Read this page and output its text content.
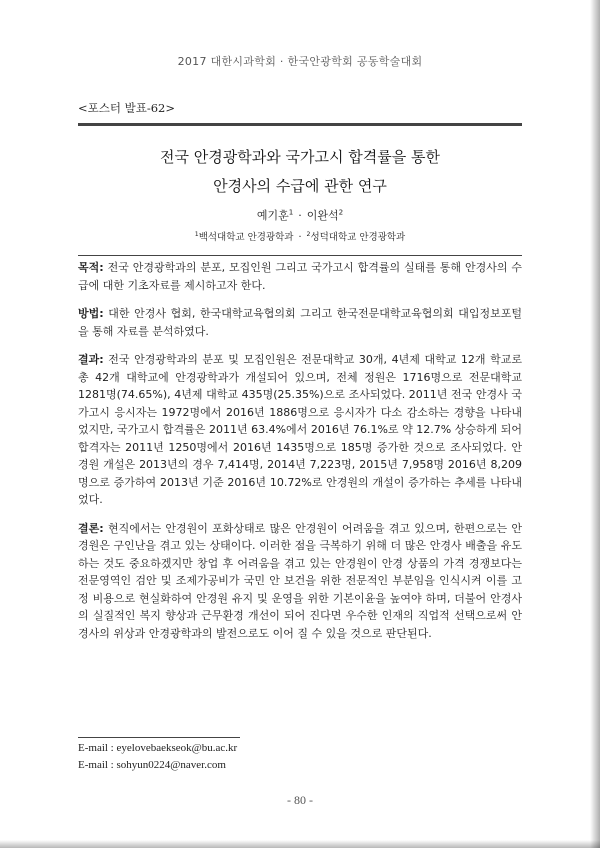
2017 대한시과학회 · 한국안광학회 공동학술대회
<포스터 발표-62>
전국 안경광학과와 국가고시 합격률을 통한
안경사의 수급에 관한 연구
예기훈$^1$ · 이완석$^2$
$^1$백석대학교 안경광학과 · $^2$성덕대학교 안경광학과

목적: 전국 안경광학과의 분포, 모집인원 그리고 국가고시 합격률의 실태를 통해 안경사의 수급에 대한 기초자료를 제시하고자 한다.

방법: 대한 안경사 협회, 한국대학교육협의회 그리고 한국전문대학교육협의회 대입정보포털을 통해 자료를 분석하였다.

결과: 전국 안경광학과의 분포 및 모집인원은 전문대학교 30개, 4년제 대학교 12개 학교로 총 42개 대학교에 안경광학과가 개설되어 있으며, 전체 정원은 1716명으로 전문대학교 1281명(74.65%), 4년제 대학교 435명(25.35%)으로 조사되었다. 2011년 전국 안경사 국가고시 응시자는 1972명에서 2016년 1886명으로 응시자가 다소 감소하는 경향을 나타내었지만, 국가고시 합격률은 2011년 63.4%에서 2016년 76.1%로 약 12.7% 상승하게 되어 합격자는 2011년 1250명에서 2016년 1435명으로 185명 증가한 것으로 조사되었다. 안경원 개설은 2013년의 경우 7,414명, 2014년 7,223명, 2015년 7,958명 2016년 8,209명으로 증가하여 2013년 기준 2016년 10.72%로 안경원의 개설이 증가하는 추세를 나타내었다.

결론: 현직에서는 안경원이 포화상태로 많은 안경원이 어려움을 겪고 있으며, 한편으로는 안경원은 구인난을 겪고 있는 상태이다. 이러한 점을 극복하기 위해 더 많은 안경사 배출을 유도하는 것도 중요하겠지만 창업 후 어려움을 겪고 있는 안경원이 안경 상품의 가격 경쟁보다는 전문영역인 검안 및 조제가공비가 국민 안 보건을 위한 전문적인 부분임을 인식시켜 이를 고정 비용으로 현실화하여 안경원 유지 및 운영을 위한 기본이윤을 높여야 하며, 더불어 안경사의 실질적인 복지 향상과 근무환경 개선이 되어 진다면 우수한 인재의 직업적 선택으로써 안경사의 위상과 안경광학과의 발전으로도 이어 질 수 있을 것으로 판단된다.

E-mail : eyelovebaekseok@bu.ac.kr
E-mail : sohyun0224@naver.com
- 80 -
